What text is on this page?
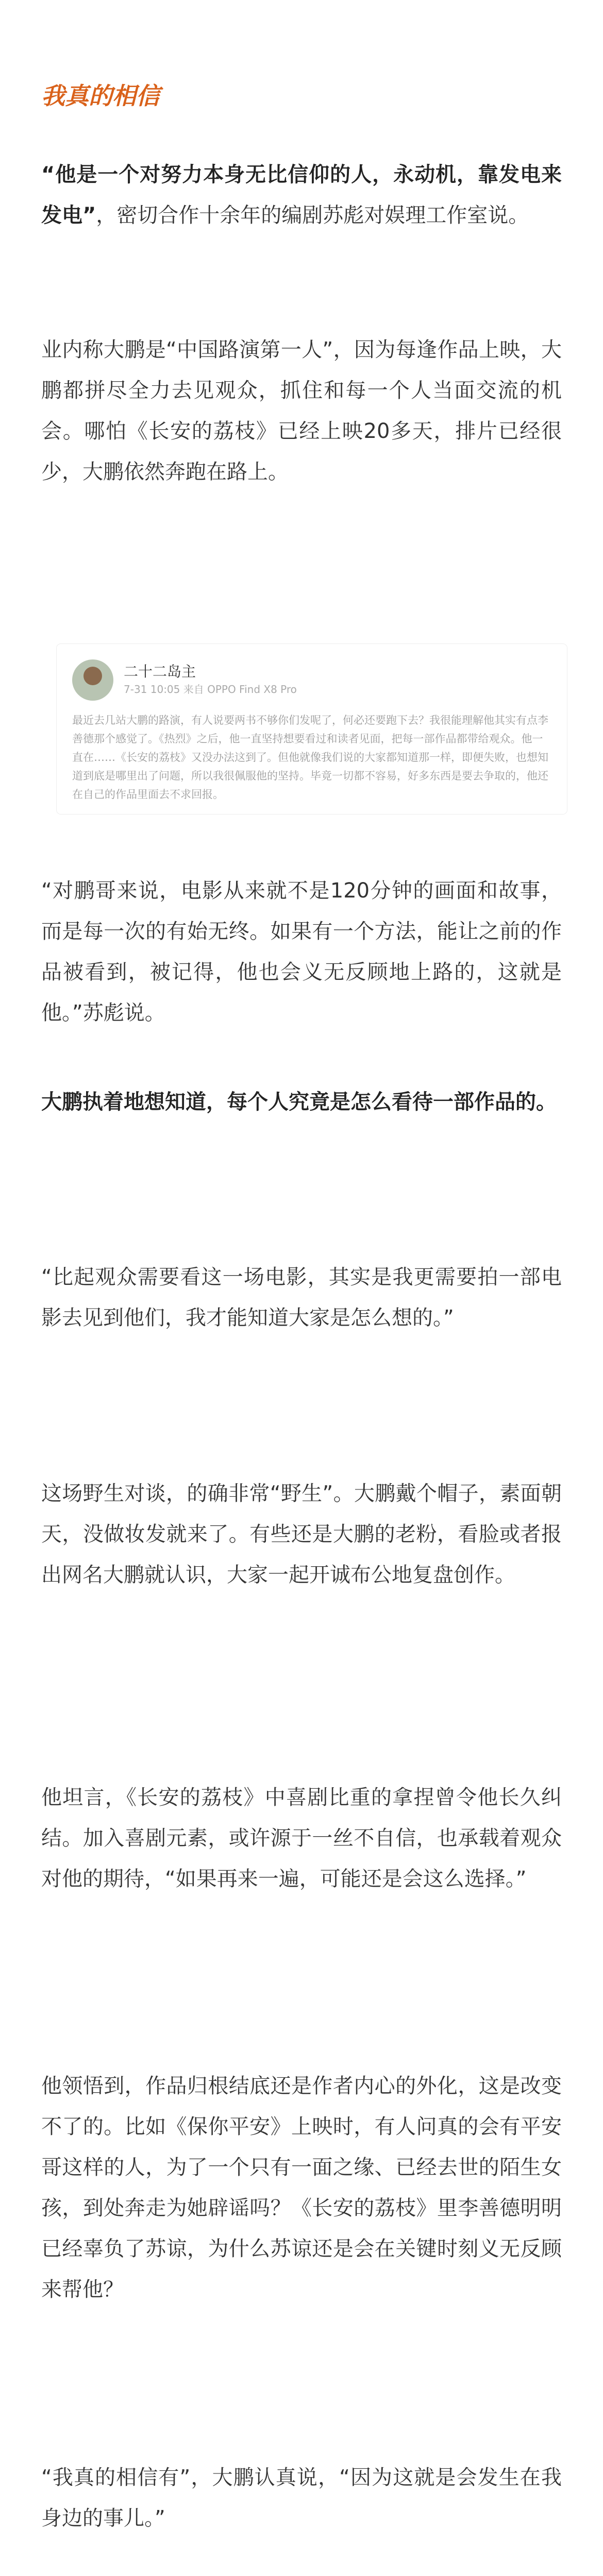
我真的相信

“他是一个对努力本身无比信仰的人，永动机，靠发电来发电”，密切合作十余年的编剧苏彪对娱理工作室说。

业内称大鹏是“中国路演第一人”，因为每逢作品上映，大鹏都拼尽全力去见观众，抓住和每一个人当面交流的机会。哪怕《长安的荔枝》已经上映20多天，排片已经很少，大鹏依然奔跑在路上。

二十二岛主
7-31 10:05 来自 OPPO Find X8 Pro
最近去几站大鹏的路演，有人说要两书不够你们发呢了，何必还要跑下去？我很能理解他其实有点李善德那个感觉了。《热烈》之后，他一直坚持想要看过和读者见面，把每一部作品都带给观众。他一直在……《长安的荔枝》又没办法这到了。但他就像我们说的大家都知道那一样，即便失败，也想知道到底是哪里出了问题，所以我很佩服他的坚持。毕竟一切都不容易，好多东西是要去争取的，他还在自己的作品里面去不求回报。

“对鹏哥来说，电影从来就不是120分钟的画面和故事，而是每一次的有始无终。如果有一个方法，能让之前的作品被看到，被记得，他也会义无反顾地上路的，这就是他。”苏彪说。

大鹏执着地想知道，每个人究竟是怎么看待一部作品的。

“比起观众需要看这一场电影，其实是我更需要拍一部电影去见到他们，我才能知道大家是怎么想的。”

这场野生对谈，的确非常“野生”。大鹏戴个帽子，素面朝天，没做妆发就来了。有些还是大鹏的老粉，看脸或者报出网名大鹏就认识，大家一起开诚布公地复盘创作。

他坦言，《长安的荔枝》中喜剧比重的拿捏曾令他长久纠结。加入喜剧元素，或许源于一丝不自信，也承载着观众对他的期待，“如果再来一遍，可能还是会这么选择。”

他领悟到，作品归根结底还是作者内心的外化，这是改变不了的。比如《保你平安》上映时，有人问真的会有平安哥这样的人，为了一个只有一面之缘、已经去世的陌生女孩，到处奔走为她辟谣吗？《长安的荔枝》里李善德明明已经辜负了苏谅，为什么苏谅还是会在关键时刻义无反顾来帮他？

“我真的相信有”，大鹏认真说，“因为这就是会发生在我身边的事儿。”
